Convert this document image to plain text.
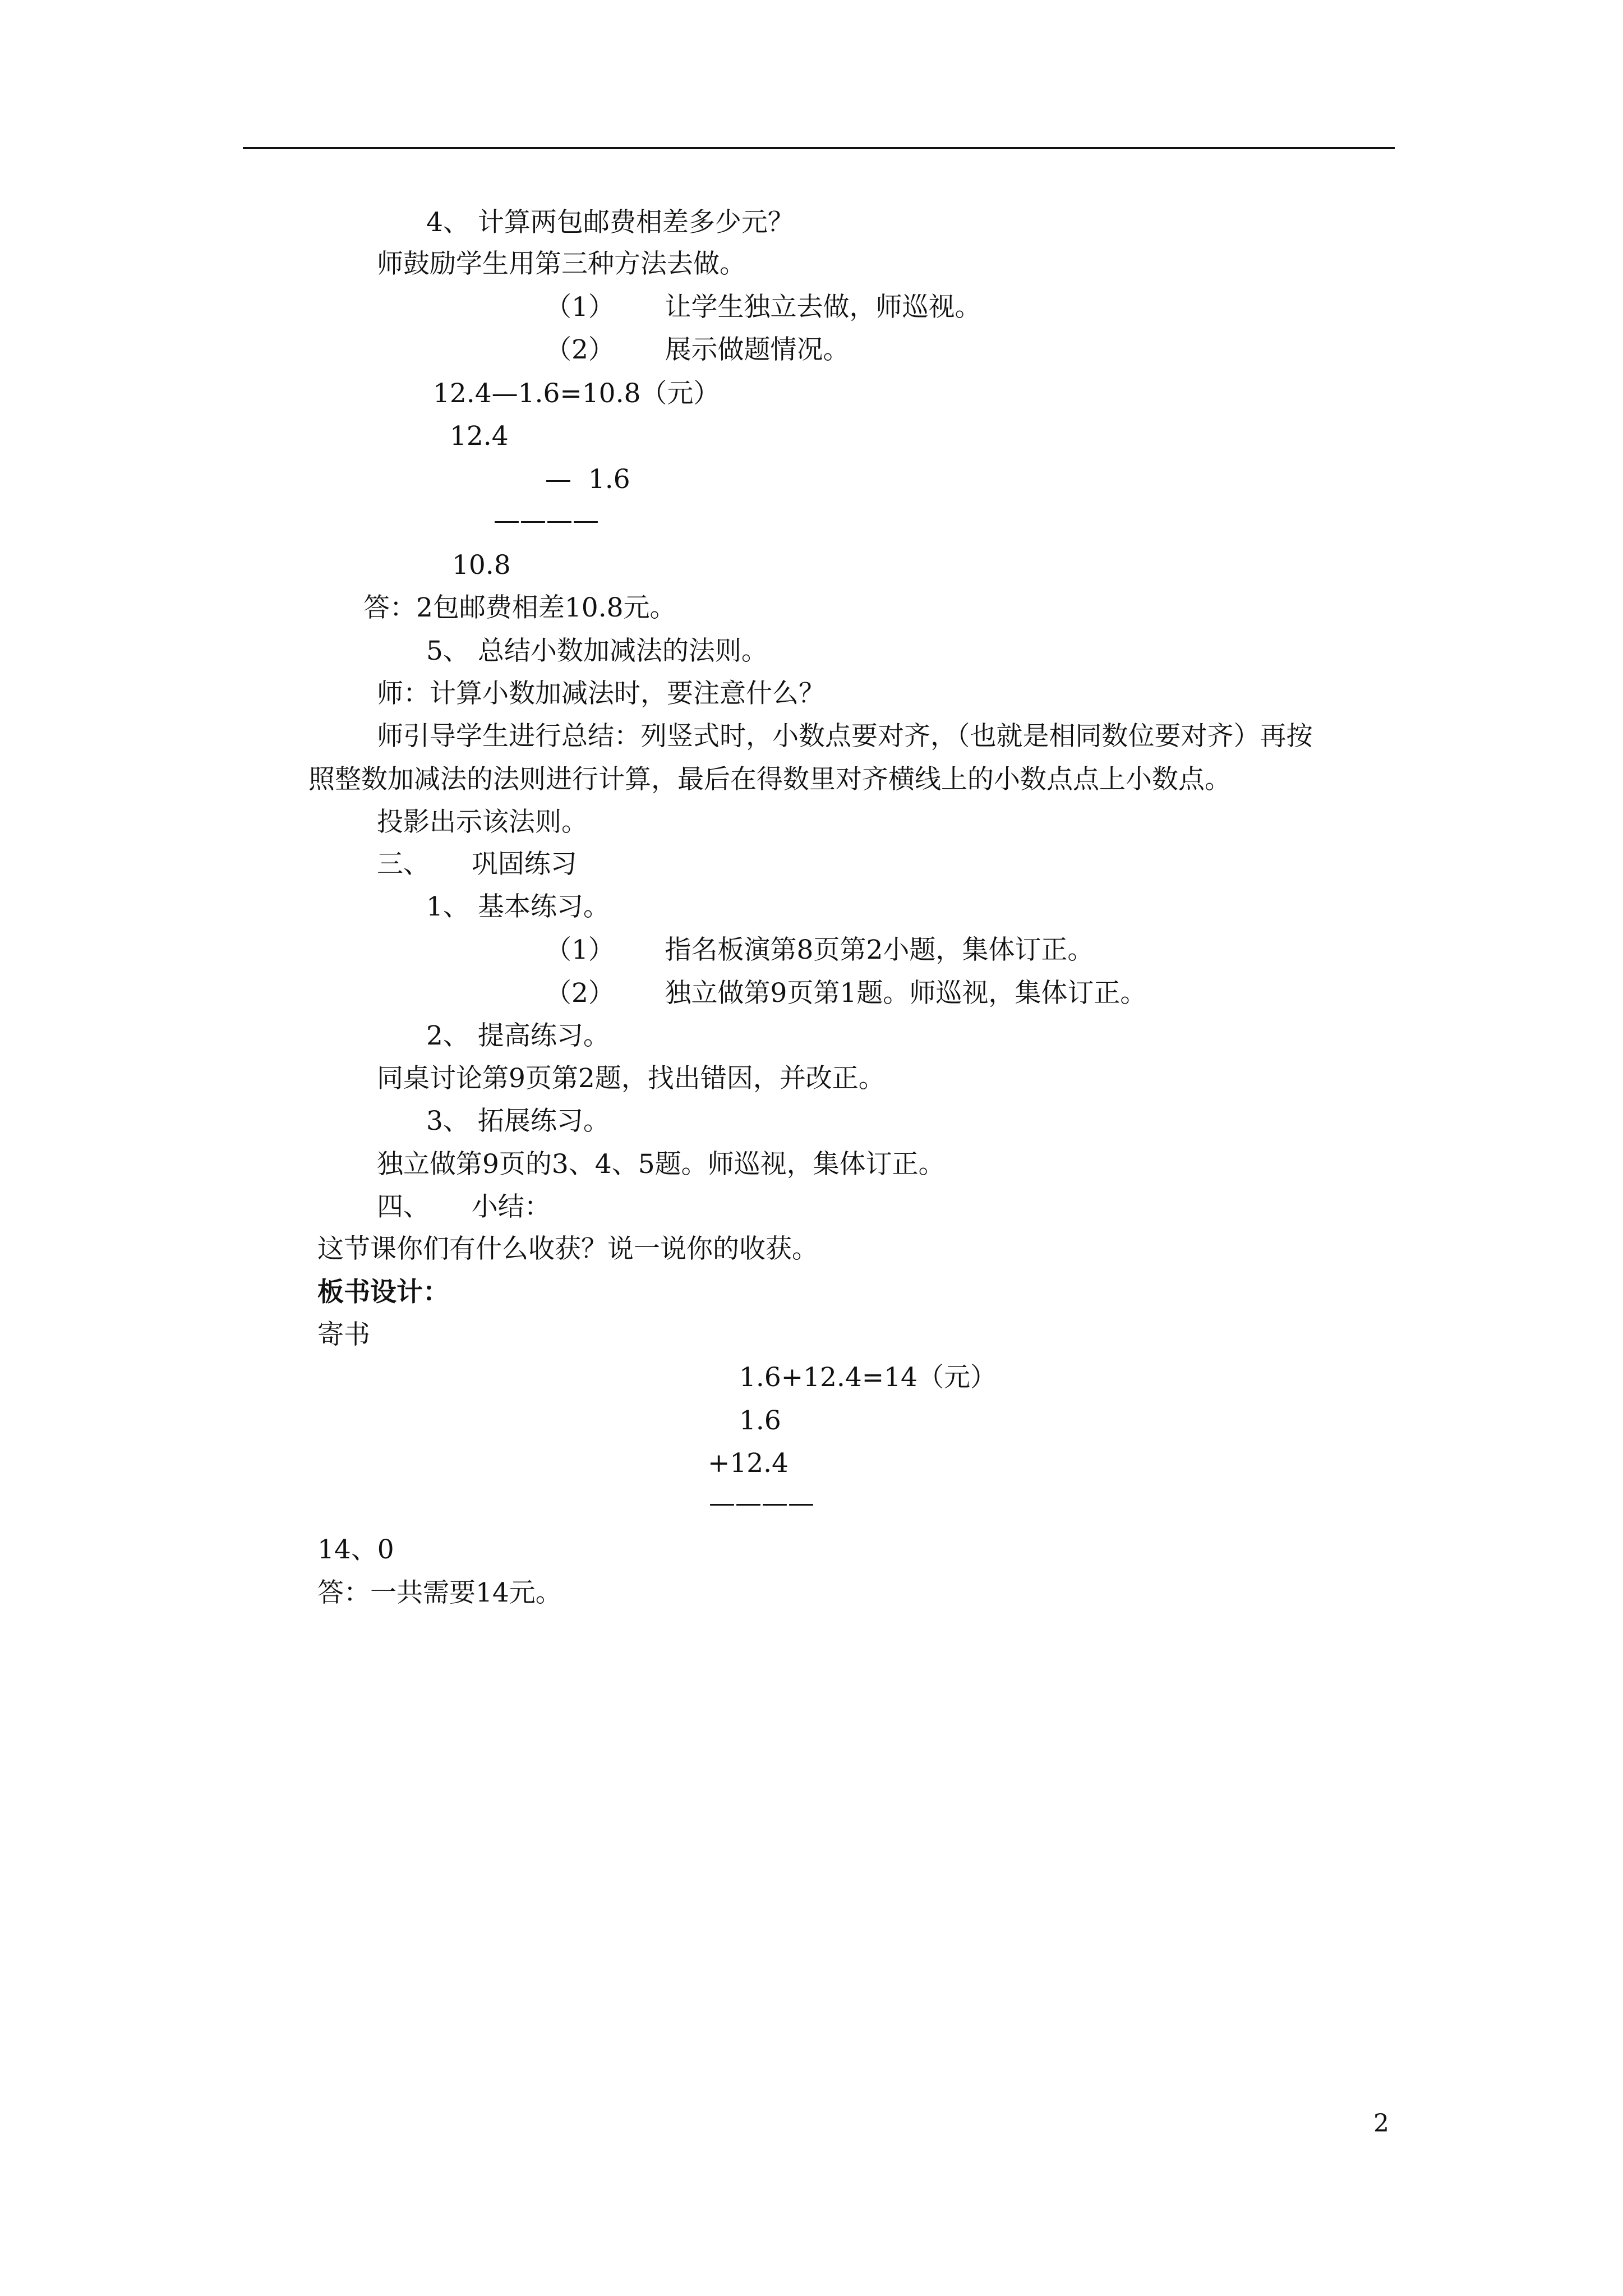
4、 计算两包邮费相差多少元？
师鼓励学生用第三种方法去做。
（1）      让学生独立去做，师巡视。
（2）      展示做题情况。
12.4—1.6=10.8（元）
12.4
—  1.6
————
10.8
答：2包邮费相差10.8元。
5、 总结小数加减法的法则。
师：计算小数加减法时，要注意什么？
师引导学生进行总结：列竖式时，小数点要对齐，（也就是相同数位要对齐）再按
照整数加减法的法则进行计算，最后在得数里对齐横线上的小数点点上小数点。
投影出示该法则。
三、     巩固练习
1、 基本练习。
（1）      指名板演第8页第2小题，集体订正。
（2）      独立做第9页第1题。师巡视，集体订正。
2、 提高练习。
同桌讨论第9页第2题，找出错因，并改正。
3、 拓展练习。
独立做第9页的3、4、5题。师巡视，集体订正。
四、     小结：
这节课你们有什么收获？说一说你的收获。
板书设计：
寄书
1.6+12.4=14（元）
1.6
+12.4
————
14、0
答：一共需要14元。
2
